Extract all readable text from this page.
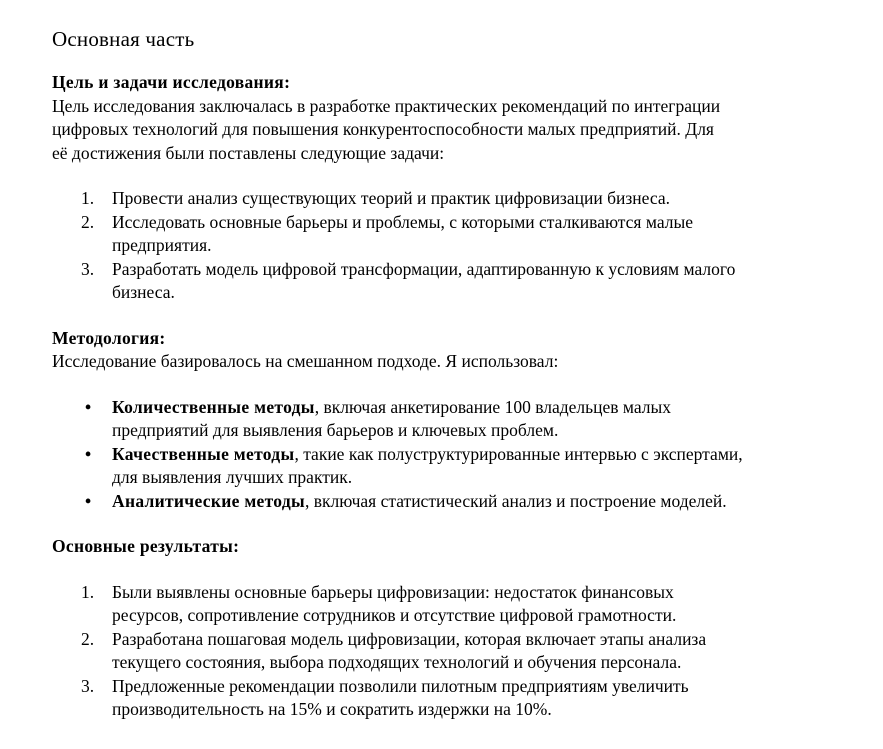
Основная часть
Цель и задачи исследования:
Цель исследования заключалась в разработке практических рекомендаций по интеграции
цифровых технологий для повышения конкурентоспособности малых предприятий. Для
её достижения были поставлены следующие задачи:
1. Провести анализ существующих теорий и практик цифровизации бизнеса.
2. Исследовать основные барьеры и проблемы, с которыми сталкиваются малые
предприятия.
3. Разработать модель цифровой трансформации, адаптированную к условиям малого
бизнеса.
Методология:
Исследование базировалось на смешанном подходе. Я использовал:
• Количественные методы, включая анкетирование 100 владельцев малых
предприятий для выявления барьеров и ключевых проблем.
• Качественные методы, такие как полуструктурированные интервью с экспертами,
для выявления лучших практик.
• Аналитические методы, включая статистический анализ и построение моделей.
Основные результаты:
1. Были выявлены основные барьеры цифровизации: недостаток финансовых
ресурсов, сопротивление сотрудников и отсутствие цифровой грамотности.
2. Разработана пошаговая модель цифровизации, которая включает этапы анализа
текущего состояния, выбора подходящих технологий и обучения персонала.
3. Предложенные рекомендации позволили пилотным предприятиям увеличить
производительность на 15% и сократить издержки на 10%.
